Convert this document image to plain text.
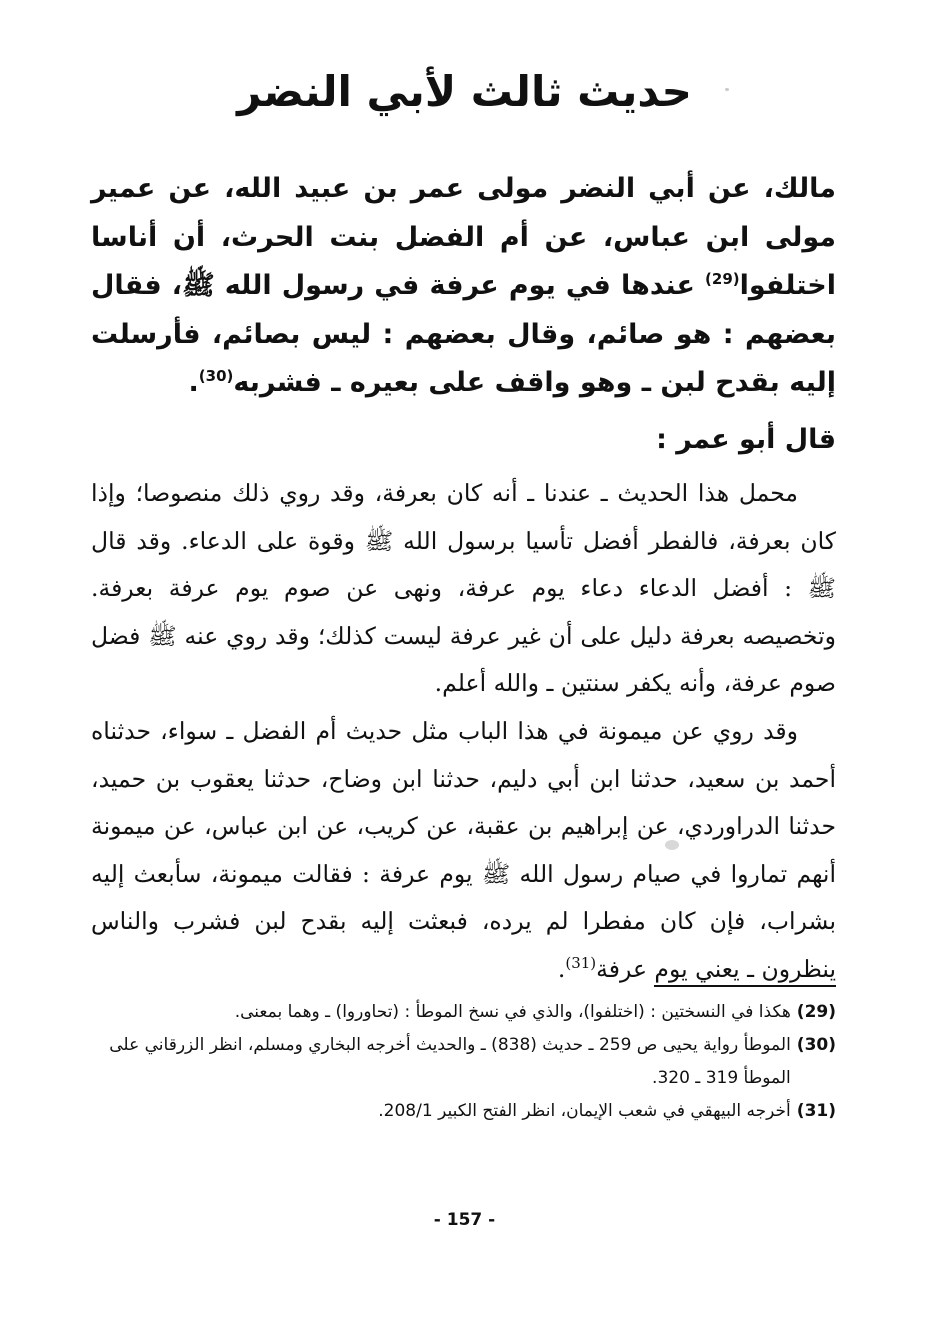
حديث ثالث لأبي النضر

مالك، عن أبي النضر مولى عمر بن عبيد الله، عن عمير مولى ابن عباس، عن أم الفضل بنت الحرث، أن أناسا اختلفوا$^{(29)}$ عندها في يوم عرفة في رسول الله ﷺ، فقال بعضهم : هو صائم، وقال بعضهم : ليس بصائم، فأرسلت إليه بقدح لبن ـ وهو واقف على بعيره ـ فشربه$^{(30)}$.

قال أبو عمر :

محمل هذا الحديث ـ عندنا ـ أنه كان بعرفة، وقد روي ذلك منصوصا؛ وإذا كان بعرفة، فالفطر أفضل تأسيا برسول الله ﷺ وقوة على الدعاء. وقد قال ﷺ : أفضل الدعاء دعاء يوم عرفة، ونهى عن صوم يوم عرفة بعرفة. وتخصيصه بعرفة دليل على أن غير عرفة ليست كذلك؛ وقد روي عنه ﷺ فضل صوم عرفة، وأنه يكفر سنتين ـ والله أعلم.

وقد روي عن ميمونة في هذا الباب مثل حديث أم الفضل ـ سواء، حدثناه أحمد بن سعيد، حدثنا ابن أبي دليم، حدثنا ابن وضاح، حدثنا يعقوب بن حميد، حدثنا الدراوردي، عن إبراهيم بن عقبة، عن كريب، عن ابن عباس، عن ميمونة أنهم تماروا في صيام رسول الله ﷺ يوم عرفة : فقالت ميمونة، سأبعث إليه بشراب، فإن كان مفطرا لم يرده، فبعثت إليه بقدح لبن فشرب والناس ينظرون ـ يعني يوم عرفة$^{(31)}$.

(29)
هكذا في النسختين : (اختلفوا)، والذي في نسخ الموطأ : (تحاوروا) ـ وهما بمعنى.
(30)
الموطأ رواية يحيى ص 259 ـ حديث (838) ـ والحديث أخرجه البخاري ومسلم، انظر الزرقاني على الموطأ 319 ـ 320.
(31)
أخرجه البيهقي في شعب الإيمان، انظر الفتح الكبير 208/1.
- 157 -
